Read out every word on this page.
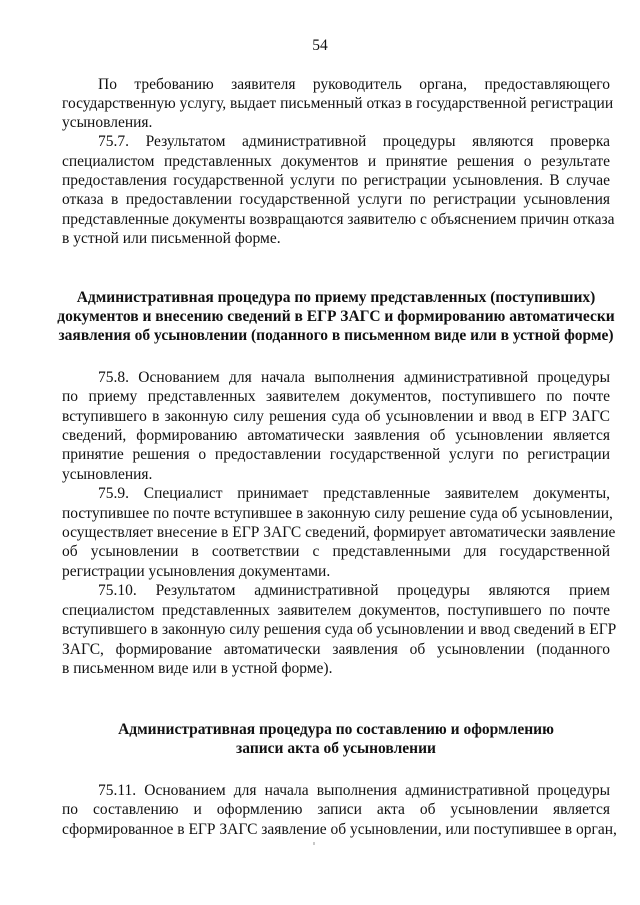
54
По требованию заявителя руководитель органа, предоставляющего
государственную услугу, выдает письменный отказ в государственной регистрации
усыновления.
75.7. Результатом административной процедуры являются проверка
специалистом представленных документов и принятие решения о результате
предоставления государственной услуги по регистрации усыновления. В случае
отказа в предоставлении государственной услуги по регистрации усыновления
представленные документы возвращаются заявителю с объяснением причин отказа
в устной или письменной форме.
Административная процедура по приему представленных (поступивших)
документов и внесению сведений в ЕГР ЗАГС и формированию автоматически
заявления об усыновлении (поданного в письменном виде или в устной форме)
75.8. Основанием для начала выполнения административной процедуры
по приему представленных заявителем документов, поступившего по почте
вступившего в законную силу решения суда об усыновлении и ввод в ЕГР ЗАГС
сведений, формированию автоматически заявления об усыновлении является
принятие решения о предоставлении государственной услуги по регистрации
усыновления.
75.9. Специалист принимает представленные заявителем документы,
поступившее по почте вступившее в законную силу решение суда об усыновлении,
осуществляет внесение в ЕГР ЗАГС сведений, формирует автоматически заявление
об усыновлении в соответствии с представленными для государственной
регистрации усыновления документами.
75.10. Результатом административной процедуры являются прием
специалистом представленных заявителем документов, поступившего по почте
вступившего в законную силу решения суда об усыновлении и ввод сведений в ЕГР
ЗАГС, формирование автоматически заявления об усыновлении (поданного
в письменном виде или в устной форме).
Административная процедура по составлению и оформлению
записи акта об усыновлении
75.11. Основанием для начала выполнения административной процедуры
по составлению и оформлению записи акта об усыновлении является
сформированное в ЕГР ЗАГС заявление об усыновлении, или поступившее в орган,
